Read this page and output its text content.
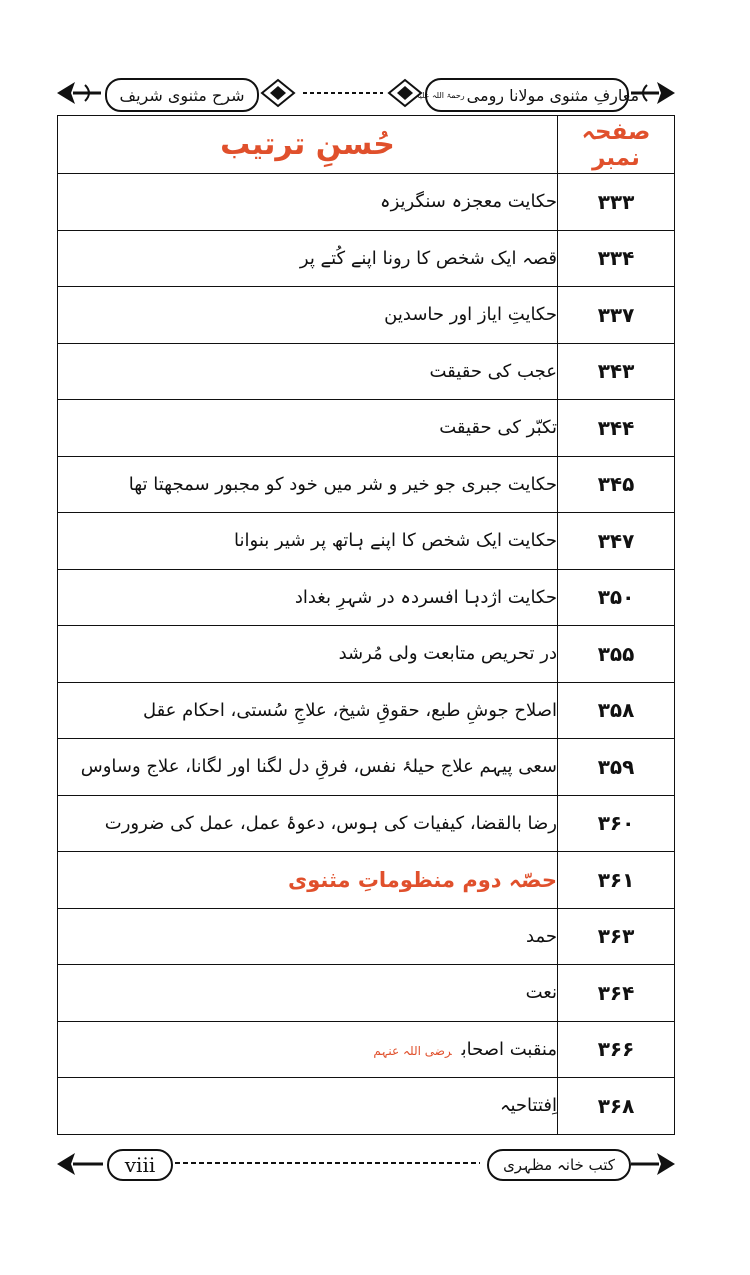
شرح مثنوی شریف	معارفِ مثنوی مولانا رومی
رحمۃ اللہ علیہ
صفحہ نمبر	حُسنِ ترتیب
۳۳۳	حکایت معجزہ سنگریزہ
۳۳۴	قصہ ایک شخص کا رونا اپنے کُتے پر
۳۳۷	حکایتِ ایاز اور حاسدین
۳۴۳	عجب کی حقیقت
۳۴۴	تکبّر کی حقیقت
۳۴۵	حکایت جبری جو خیر و شر میں خود کو مجبور سمجھتا تھا
۳۴۷	حکایت ایک شخص کا اپنے ہاتھ پر شیر بنوانا
۳۵۰	حکایت اژدہا افسردہ در شہرِ بغداد
۳۵۵	در تحریص متابعت ولی مُرشد
۳۵۸	اصلاح جوشِ طبع، حقوقِ شیخ، علاجِ سُستی، احکام عقل
۳۵۹	سعی پیہم علاج حیلۂ نفس، فرقِ دل لگنا اور لگانا، علاج وساوس
۳۶۰	رضا بالقضا، کیفیات کی ہوس، دعوۂ عمل، عمل کی ضرورت
۳۶۱	حصّہ دوم منظوماتِ مثنوی
۳۶۳	حمد
۳۶۴	نعت
۳۶۶	منقبت اصحابرضی اللہ عنہم
۳۶۸	اِفتتاحیہ
viii	کتب خانہ مظہری
